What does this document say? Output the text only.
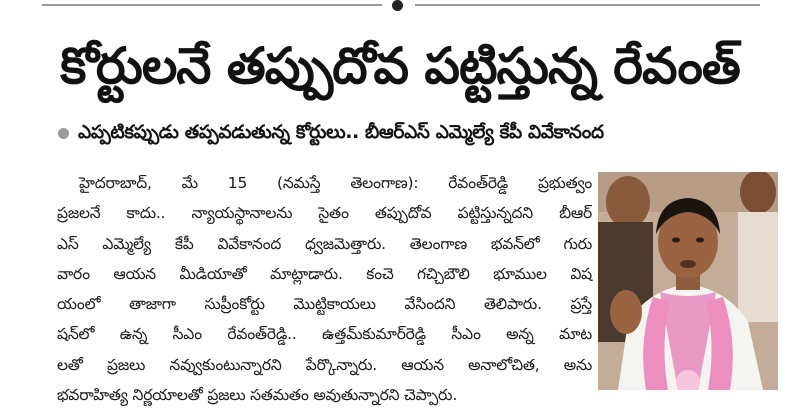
కోర్టులనే తప్పుదోవ పట్టిస్తున్న రేవంత్
ఎప్పటికప్పుడు తప్పవడుతున్న కోర్టులు.. బీఆర్ఎస్ ఎమ్మెల్యే కేపీ వివేకానంద
హైదరాబాద్, మే 15 (నమస్తే తెలంగాణ): రేవంత్‌రెడ్డి ప్రభుత్వం
ప్రజలనే కాదు.. న్యాయస్థానాలను సైతం తప్పుదోవ పట్టిస్తున్నదని బీఆర్
ఎస్ ఎమ్మెల్యే కేపీ వివేకానంద ధ్వజమెత్తారు. తెలంగాణ భవన్‌లో గురు
వారం ఆయన మీడియాతో మాట్లాడారు. కంచె గచ్చిబౌలి భూముల విష
యంలో తాజాగా సుప్రీంకోర్టు మొట్టికాయలు వేసిందని తెలిపారు. ప్రస్తే
షన్‌లో ఉన్న సీఎం రేవంత్‌రెడ్డి.. ఉత్తమ్‌కుమార్‌రెడ్డి సీఎం అన్న మాట
లతో ప్రజలు నవ్వుకుంటున్నారని పేర్కొన్నారు. ఆయన అనాలోచిత, అను
భవరాహిత్య నిర్ణయాలతో ప్రజలు సతమతం అవుతున్నారని చెప్పారు.
